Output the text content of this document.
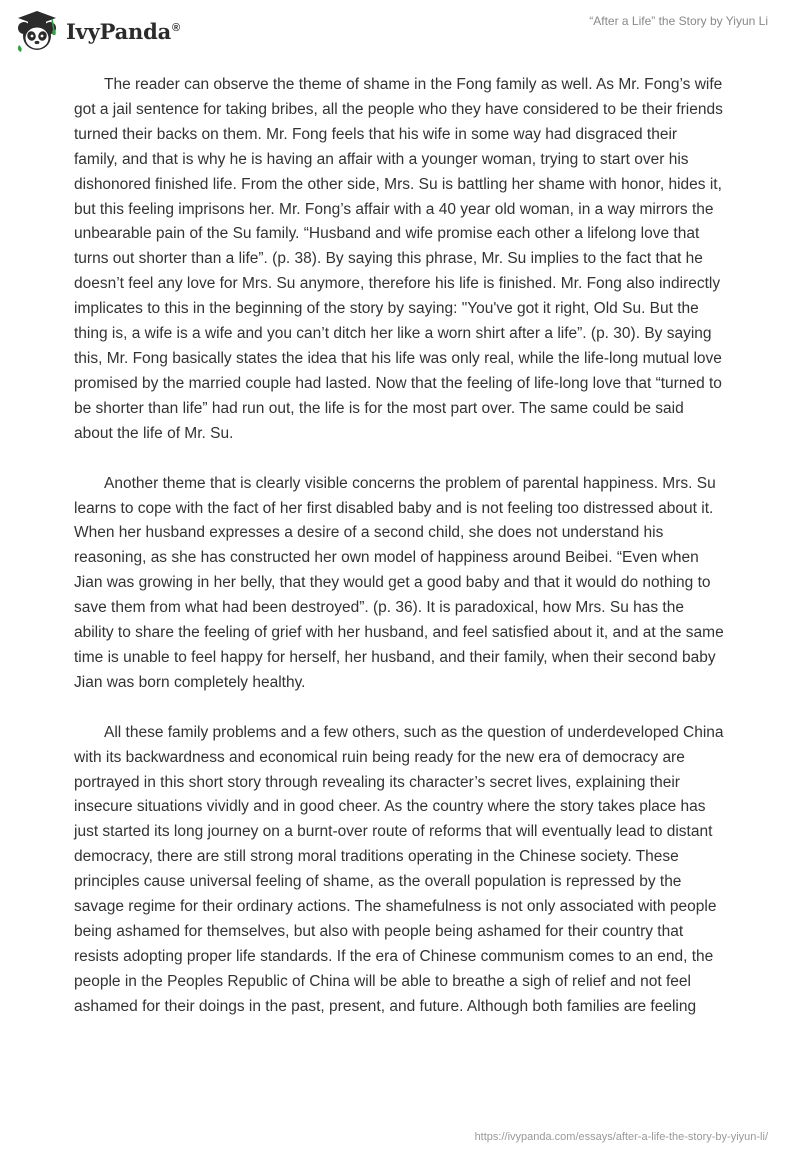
IvyPanda®	“After a Life” the Story by Yiyun Li

The reader can observe the theme of shame in the Fong family as well. As Mr. Fong’s wife got a jail sentence for taking bribes, all the people who they have considered to be their friends turned their backs on them. Mr. Fong feels that his wife in some way had disgraced their family, and that is why he is having an affair with a younger woman, trying to start over his dishonored finished life. From the other side, Mrs. Su is battling her shame with honor, hides it, but this feeling imprisons her. Mr. Fong’s affair with a 40 year old woman, in a way mirrors the unbearable pain of the Su family. “Husband and wife promise each other a lifelong love that turns out shorter than a life”. (p. 38). By saying this phrase, Mr. Su implies to the fact that he doesn’t feel any love for Mrs. Su anymore, therefore his life is finished. Mr. Fong also indirectly implicates to this in the beginning of the story by saying: "You've got it right, Old Su. But the thing is, a wife is a wife and you can’t ditch her like a worn shirt after a life”. (p. 30). By saying this, Mr. Fong basically states the idea that his life was only real, while the life-long mutual love promised by the married couple had lasted. Now that the feeling of life-long love that “turned to be shorter than life” had run out, the life is for the most part over. The same could be said about the life of Mr. Su.

Another theme that is clearly visible concerns the problem of parental happiness. Mrs. Su learns to cope with the fact of her first disabled baby and is not feeling too distressed about it. When her husband expresses a desire of a second child, she does not understand his reasoning, as she has constructed her own model of happiness around Beibei. “Even when Jian was growing in her belly, that they would get a good baby and that it would do nothing to save them from what had been destroyed”. (p. 36). It is paradoxical, how Mrs. Su has the ability to share the feeling of grief with her husband, and feel satisfied about it, and at the same time is unable to feel happy for herself, her husband, and their family, when their second baby Jian was born completely healthy.

All these family problems and a few others, such as the question of underdeveloped China with its backwardness and economical ruin being ready for the new era of democracy are portrayed in this short story through revealing its character’s secret lives, explaining their insecure situations vividly and in good cheer. As the country where the story takes place has just started its long journey on a burnt-over route of reforms that will eventually lead to distant democracy, there are still strong moral traditions operating in the Chinese society. These principles cause universal feeling of shame, as the overall population is repressed by the savage regime for their ordinary actions. The shamefulness is not only associated with people being ashamed for themselves, but also with people being ashamed for their country that resists adopting proper life standards. If the era of Chinese communism comes to an end, the people in the Peoples Republic of China will be able to breathe a sigh of relief and not feel ashamed for their doings in the past, present, and future. Although both families are feeling

https://ivypanda.com/essays/after-a-life-the-story-by-yiyun-li/
